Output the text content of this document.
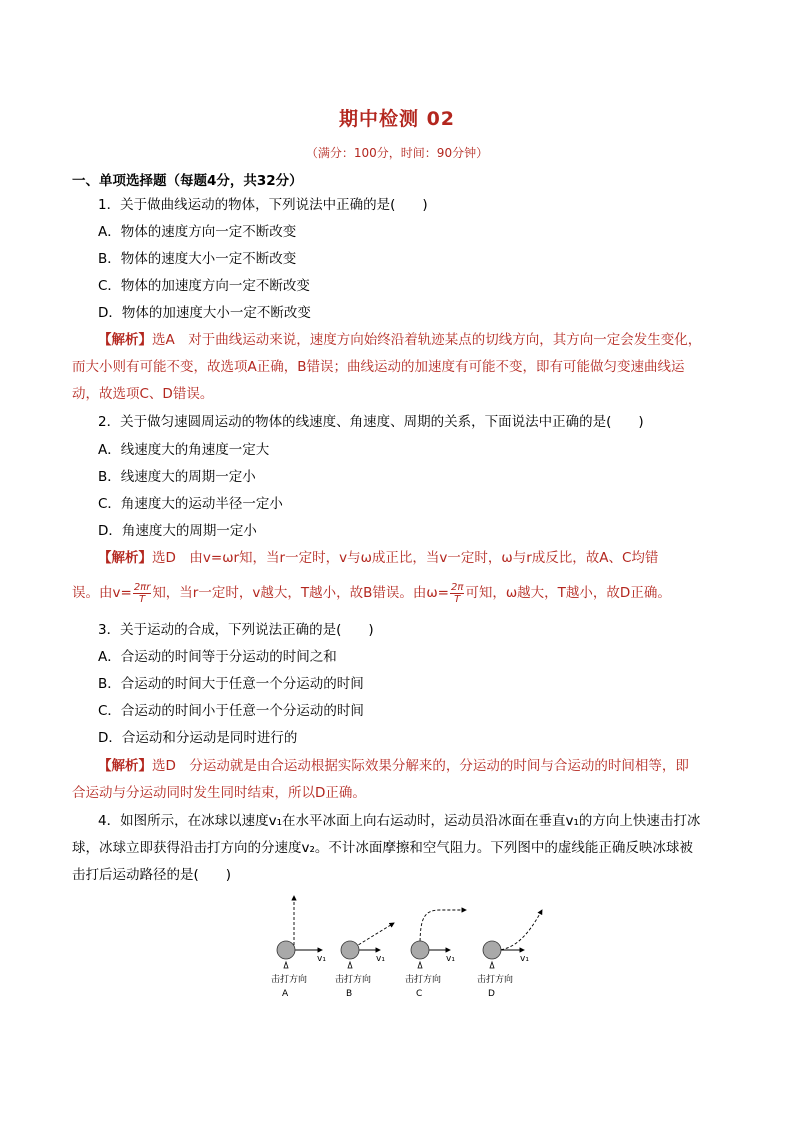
期中检测 02
（满分：100分，时间：90分钟）
一、单项选择题（每题4分，共32分）
1．关于做曲线运动的物体，下列说法中正确的是(　　)
A．物体的速度方向一定不断改变
B．物体的速度大小一定不断改变
C．物体的加速度方向一定不断改变
D．物体的加速度大小一定不断改变
【解析】选A　对于曲线运动来说，速度方向始终沿着轨迹某点的切线方向，其方向一定会发生变化，
而大小则有可能不变，故选项A正确，B错误；曲线运动的加速度有可能不变，即有可能做匀变速曲线运
动，故选项C、D错误。
2．关于做匀速圆周运动的物体的线速度、角速度、周期的关系，下面说法中正确的是(　　)
A．线速度大的角速度一定大
B．线速度大的周期一定小
C．角速度大的运动半径一定小
D．角速度大的周期一定小
【解析】选D　由v=ωr知，当r一定时，v与ω成正比，当v一定时，ω与r成反比，故A、C均错
误。由$v= \frac{2\pi r}{T}$ 知，当r一定时，v越大，T越小，故B错误。由$\omega= \frac{2\pi}{T}$ 可知，ω越大，T越小，故D正确。
3．关于运动的合成，下列说法正确的是(　　)
A．合运动的时间等于分运动的时间之和
B．合运动的时间大于任意一个分运动的时间
C．合运动的时间小于任意一个分运动的时间
D．合运动和分运动是同时进行的
【解析】选D　分运动就是由合运动根据实际效果分解来的，分运动的时间与合运动的时间相等，即
合运动与分运动同时发生同时结束，所以D正确。
4．如图所示，在冰球以速度v₁在水平冰面上向右运动时，运动员沿冰面在垂直v₁的方向上快速击打冰
球，冰球立即获得沿击打方向的分速度v₂。不计冰面摩擦和空气阻力。下列图中的虚线能正确反映冰球被
击打后运动路径的是(　　)
v₁
击打方向
A
v₁
击打方向
B
v₁
击打方向
C
v₁
击打方向
D
